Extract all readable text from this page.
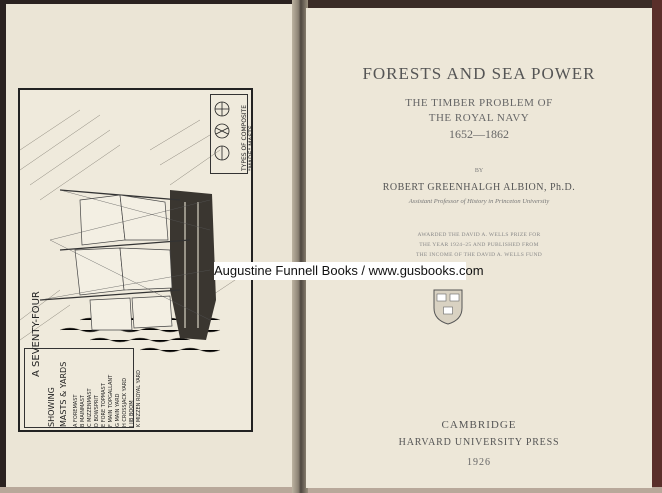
TYPES OF COMPOSITE "MADE" MASTS
A SEVENTY-FOUR
SHOWING MASTS & YARDS A FOREMAST B MAINMAST C MIZZENMAST D BOWSPRIT E FORE TOPMAST F MAIN TOPGALLANT G MAIN YARD H CROSSJACK YARD J JIB BOOM K MIZZEN ROYAL YARD
FORESTS AND SEA POWER
THE TIMBER PROBLEM OF
THE ROYAL NAVY
1652—1862
BY
ROBERT GREENHALGH ALBION, Ph.D.
Assistant Professor of History in Princeton University
AWARDED THE DAVID A. WELLS PRIZE FOR
THE YEAR 1924–25 AND PUBLISHED FROM
THE INCOME OF THE DAVID A. WELLS FUND
Augustine Funnell Books / www.gusbooks.com
CAMBRIDGE
HARVARD UNIVERSITY PRESS
1926
